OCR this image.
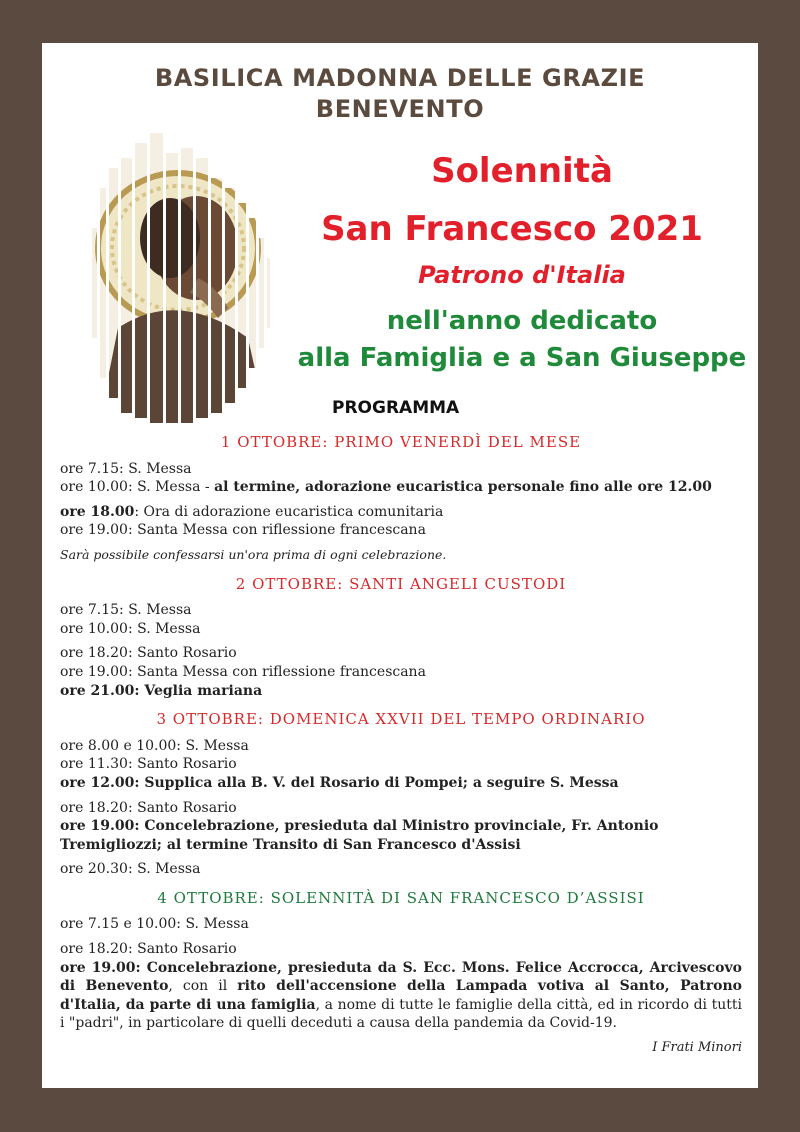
BASILICA MADONNA DELLE GRAZIE
BENEVENTO
Solennità
San Francesco 2021
Patrono d'Italia
nell'anno dedicato
alla Famiglia e a San Giuseppe
PROGRAMMA
1 OTTOBRE: PRIMO VENERDÌ DEL MESE

ore 7.15: S. Messa

ore 10.00: S. Messa - al termine, adorazione eucaristica personale fino alle ore 12.00

ore 18.00: Ora di adorazione eucaristica comunitaria

ore 19.00: Santa Messa con riflessione francescana

Sarà possibile confessarsi un'ora prima di ogni celebrazione.

2 OTTOBRE: SANTI ANGELI CUSTODI

ore 7.15: S. Messa

ore 10.00: S. Messa

ore 18.20: Santo Rosario

ore 19.00: Santa Messa con riflessione francescana

ore 21.00: Veglia mariana

3 OTTOBRE: DOMENICA XXVII DEL TEMPO ORDINARIO

ore 8.00 e 10.00: S. Messa

ore 11.30: Santo Rosario

ore 12.00: Supplica alla B. V. del Rosario di Pompei; a seguire S. Messa

ore 18.20: Santo Rosario

ore 19.00: Concelebrazione, presieduta dal Ministro provinciale, Fr. Antonio Tremigliozzi; al termine Transito di San Francesco d'Assisi

ore 20.30: S. Messa

4 OTTOBRE: SOLENNITÀ DI SAN FRANCESCO D’ASSISI

ore 7.15 e 10.00: S. Messa

ore 18.20: Santo Rosario

ore 19.00: Concelebrazione, presieduta da S. Ecc. Mons. Felice Accrocca, Arcivescovo di Benevento, con il rito dell'accensione della Lampada votiva al Santo, Patrono d'Italia, da parte di una famiglia, a nome di tutte le famiglie della città, ed in ricordo di tutti i "padri", in particolare di quelli deceduti a causa della pandemia da Covid-19.

I Frati Minori
